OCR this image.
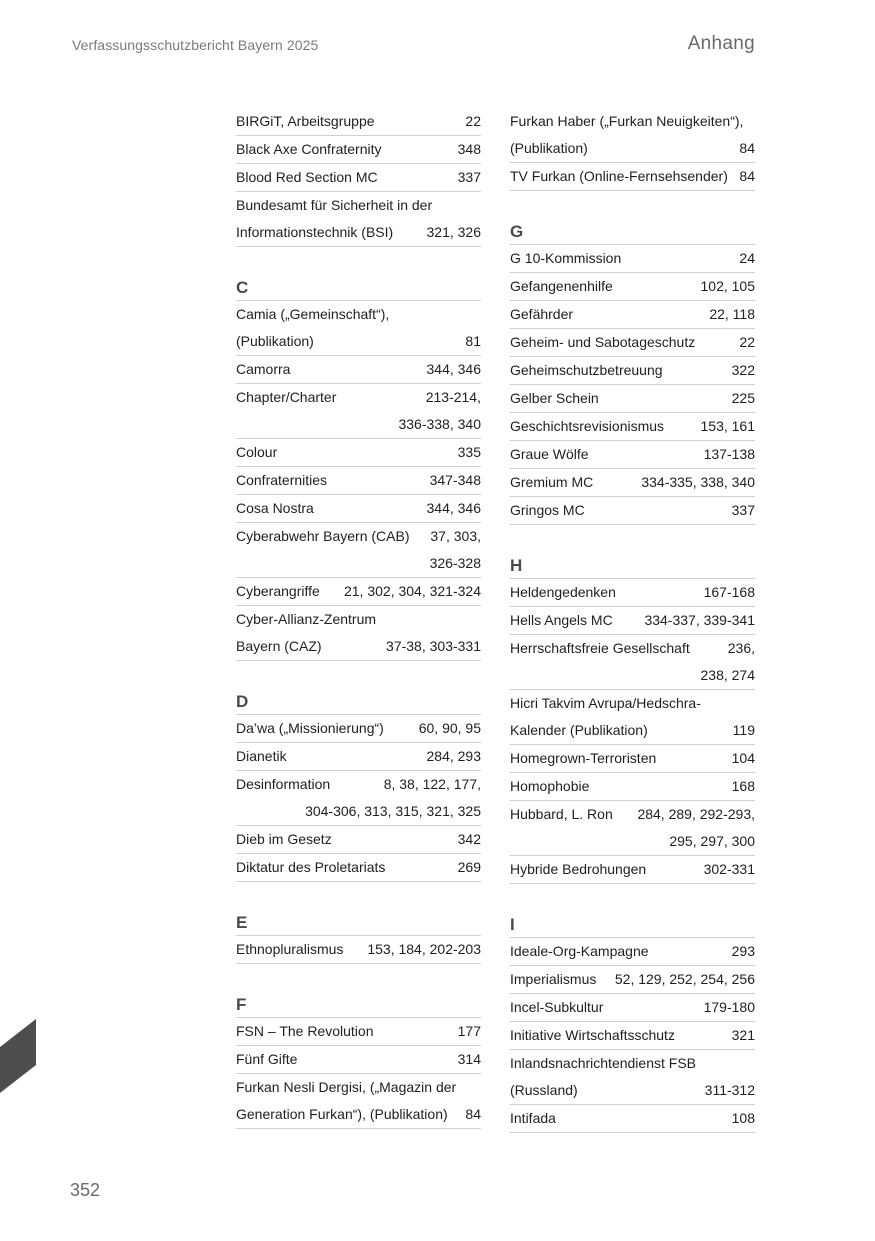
Verfassungsschutzbericht Bayern 2025	Anhang
352
BIRGiT, Arbeitsgruppe	22
Black Axe Confraternity	348
Blood Red Section MC	337
Bundesamt für Sicherheit in der
Informationstechnik (BSI)	321, 326
C
Camia („Gemeinschaft“),
(Publikation)	81
Camorra	344, 346
Chapter/Charter	213-214,
336-338, 340
Colour	335
Confraternities	347-348
Cosa Nostra	344, 346
Cyberabwehr Bayern (CAB)	37, 303,
326-328
Cyberangriffe	21, 302, 304, 321-324
Cyber-Allianz-Zentrum
Bayern (CAZ)	37-38, 303-331
D
Da’wa („Missionierung“)	60, 90, 95
Dianetik	284, 293
Desinformation	8, 38, 122, 177,
304-306, 313, 315, 321, 325
Dieb im Gesetz	342
Diktatur des Proletariats	269
E
Ethnopluralismus	153, 184, 202-203
F
FSN – The Revolution	177
Fünf Gifte	314
Furkan Nesli Dergisi, („Magazin der
Generation Furkan“), (Publikation)	84
Furkan Haber („Furkan Neuigkeiten“),
(Publikation)	84
TV Furkan (Online-Fernsehsender) 84
G
G 10-Kommission	24
Gefangenenhilfe	102, 105
Gefährder	22, 118
Geheim- und Sabotageschutz	22
Geheimschutzbetreuung	322
Gelber Schein	225
Geschichtsrevisionismus	153, 161
Graue Wölfe	137-138
Gremium MC	334-335, 338, 340
Gringos MC	337
H
Heldengedenken	167-168
Hells Angels MC	334-337, 339-341
Herrschaftsfreie Gesellschaft	236,
238, 274
Hicri Takvim Avrupa/Hedschra-
Kalender (Publikation)	119
Homegrown-Terroristen	104
Homophobie	168
Hubbard, L. Ron	284, 289, 292-293,
295, 297, 300
Hybride Bedrohungen	302-331
I
Ideale-Org-Kampagne	293
Imperialismus	52, 129, 252, 254, 256
Incel-Subkultur	179-180
Initiative Wirtschaftsschutz	321
Inlandsnachrichtendienst FSB
(Russland)	311-312
Intifada	108
